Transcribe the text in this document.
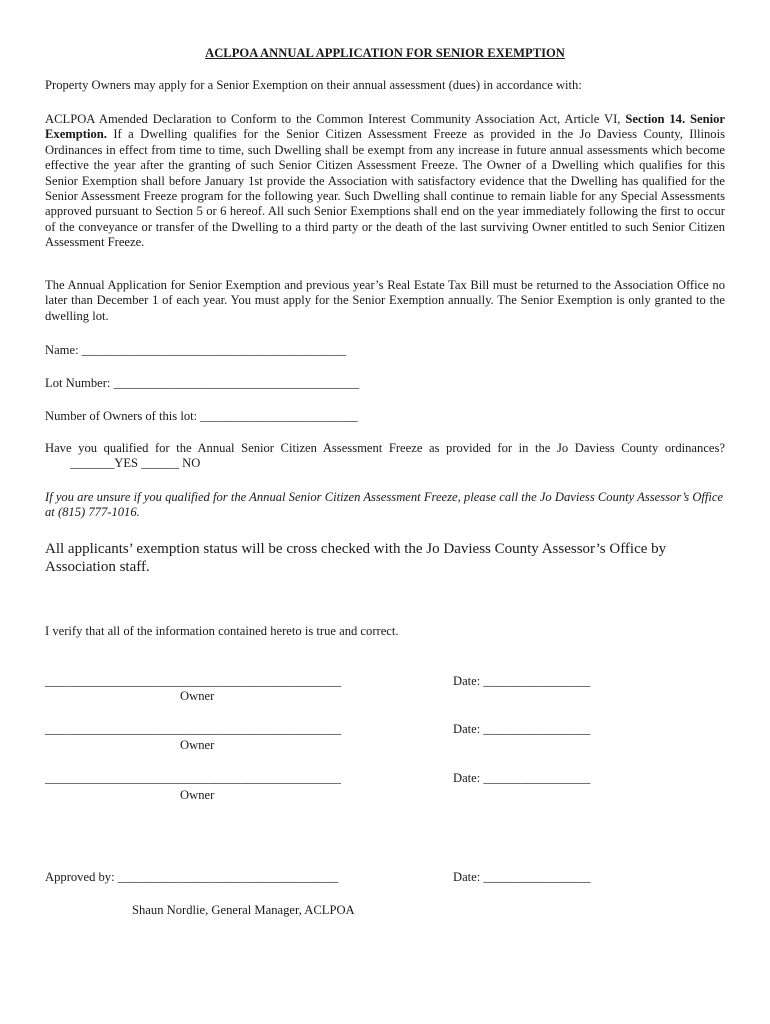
ACLPOA ANNUAL APPLICATION FOR SENIOR EXEMPTION

Property Owners may apply for a Senior Exemption on their annual assessment (dues) in accordance with:

ACLPOA Amended Declaration to Conform to the Common Interest Community Association Act, Article VI, Section 14. Senior Exemption. If a Dwelling qualifies for the Senior Citizen Assessment Freeze as provided in the Jo Daviess County, Illinois Ordinances in effect from time to time, such Dwelling shall be exempt from any increase in future annual assessments which become effective the year after the granting of such Senior Citizen Assessment Freeze. The Owner of a Dwelling which qualifies for this Senior Exemption shall before January 1st provide the Association with satisfactory evidence that the Dwelling has qualified for the Senior Assessment Freeze program for the following year. Such Dwelling shall continue to remain liable for any Special Assessments approved pursuant to Section 5 or 6 hereof. All such Senior Exemptions shall end on the year immediately following the first to occur of the conveyance or transfer of the Dwelling to a third party or the death of the last surviving Owner entitled to such Senior Citizen Assessment Freeze.

The Annual Application for Senior Exemption and previous year’s Real Estate Tax Bill must be returned to the Association Office no later than December 1 of each year. You must apply for the Senior Exemption annually. The Senior Exemption is only granted to the dwelling lot.

Name: __________________________________________

Lot Number: _______________________________________

Number of Owners of this lot: _________________________

Have you qualified for the Annual Senior Citizen Assessment Freeze as provided for in the Jo Daviess County ordinances?        _______YES ______ NO

If you are unsure if you qualified for the Annual Senior Citizen Assessment Freeze, please call the Jo Daviess County Assessor’s Office at (815) 777-1016.

All applicants’ exemption status will be cross checked with the Jo Daviess County Assessor’s Office by Association staff.

I verify that all of the information contained hereto is true and correct.

_______________________________________________

Owner

Date: _________________

_______________________________________________

Owner

Date: _________________

_______________________________________________

Owner

Date: _________________

Approved by: ___________________________________	Date: _________________

Shaun Nordlie, General Manager, ACLPOA
